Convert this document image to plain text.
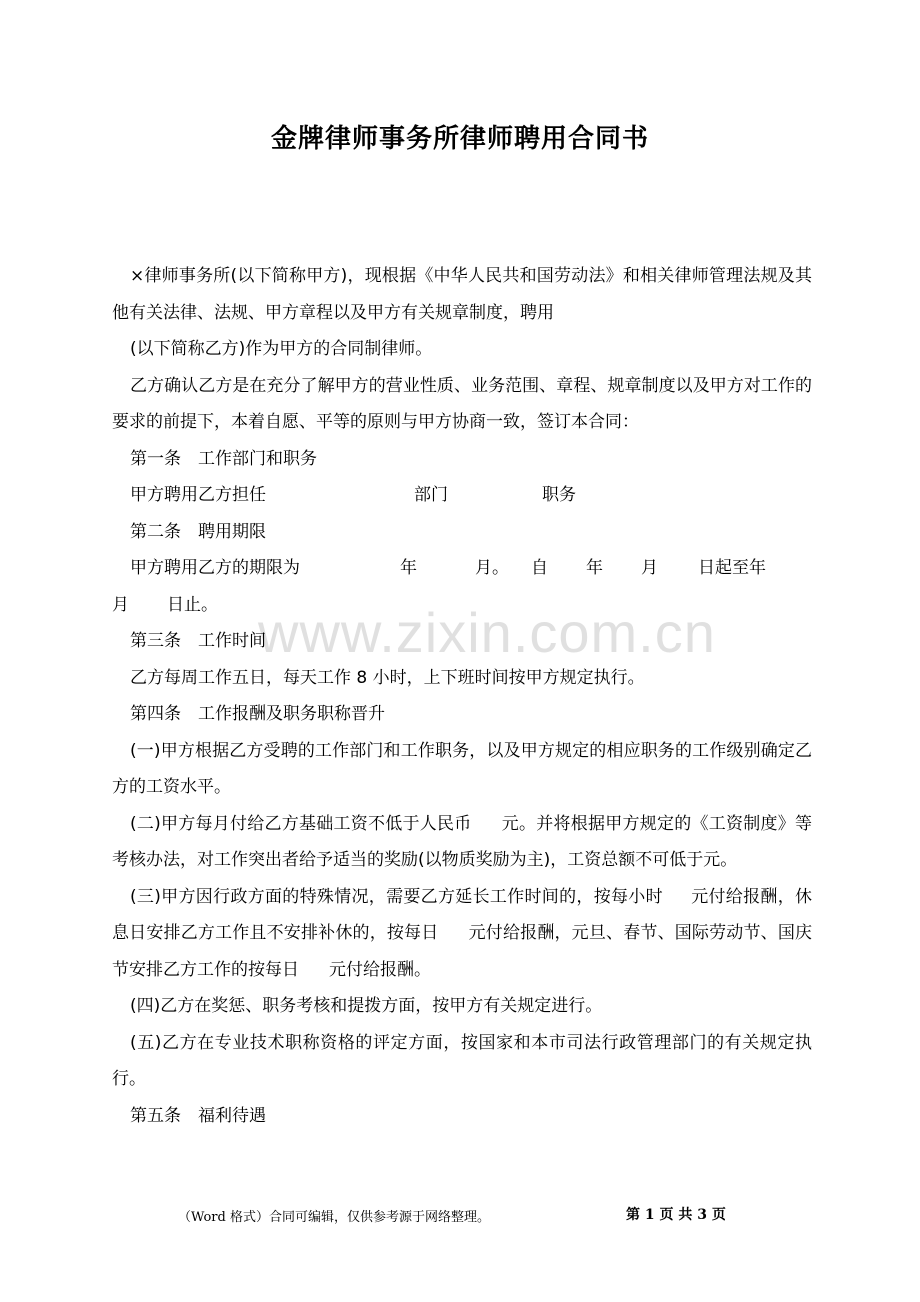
金牌律师事务所律师聘用合同书
www.zixin.com.cn

×律师事务所(以下简称甲方)，现根据《中华人民共和国劳动法》和相关律师管理法规及其他有关法律、法规、甲方章程以及甲方有关规章制度，聘用

(以下简称乙方)作为甲方的合同制律师。

乙方确认乙方是在充分了解甲方的营业性质、业务范围、章程、规章制度以及甲方对工作的要求的前提下，本着自愿、平等的原则与甲方协商一致，签订本合同：

第一条　工作部门和职务

甲方聘用乙方担任	部门	职务

第二条　聘用期限

甲方聘用乙方的期限为	年	月。 自 年 月 日起至年

月 日止。

第三条　工作时间

乙方每周工作五日，每天工作 8 小时，上下班时间按甲方规定执行。

第四条　工作报酬及职务职称晋升

(一)甲方根据乙方受聘的工作部门和工作职务，以及甲方规定的相应职务的工作级别确定乙方的工资水平。

(二)甲方每月付给乙方基础工资不低于人民币 元。并将根据甲方规定的《工资制度》等考核办法，对工作突出者给予适当的奖励(以物质奖励为主)，工资总额不可低于元。

(三)甲方因行政方面的特殊情况，需要乙方延长工作时间的，按每小时 元付给报酬，休息日安排乙方工作且不安排补休的，按每日 元付给报酬，元旦、春节、国际劳动节、国庆节安排乙方工作的按每日 元付给报酬。

(四)乙方在奖惩、职务考核和提拨方面，按甲方有关规定进行。

(五)乙方在专业技术职称资格的评定方面，按国家和本市司法行政管理部门的有关规定执行。

第五条　福利待遇

（Word 格式）合同可编辑，仅供参考源于网络整理。	第 1 页 共 3 页
